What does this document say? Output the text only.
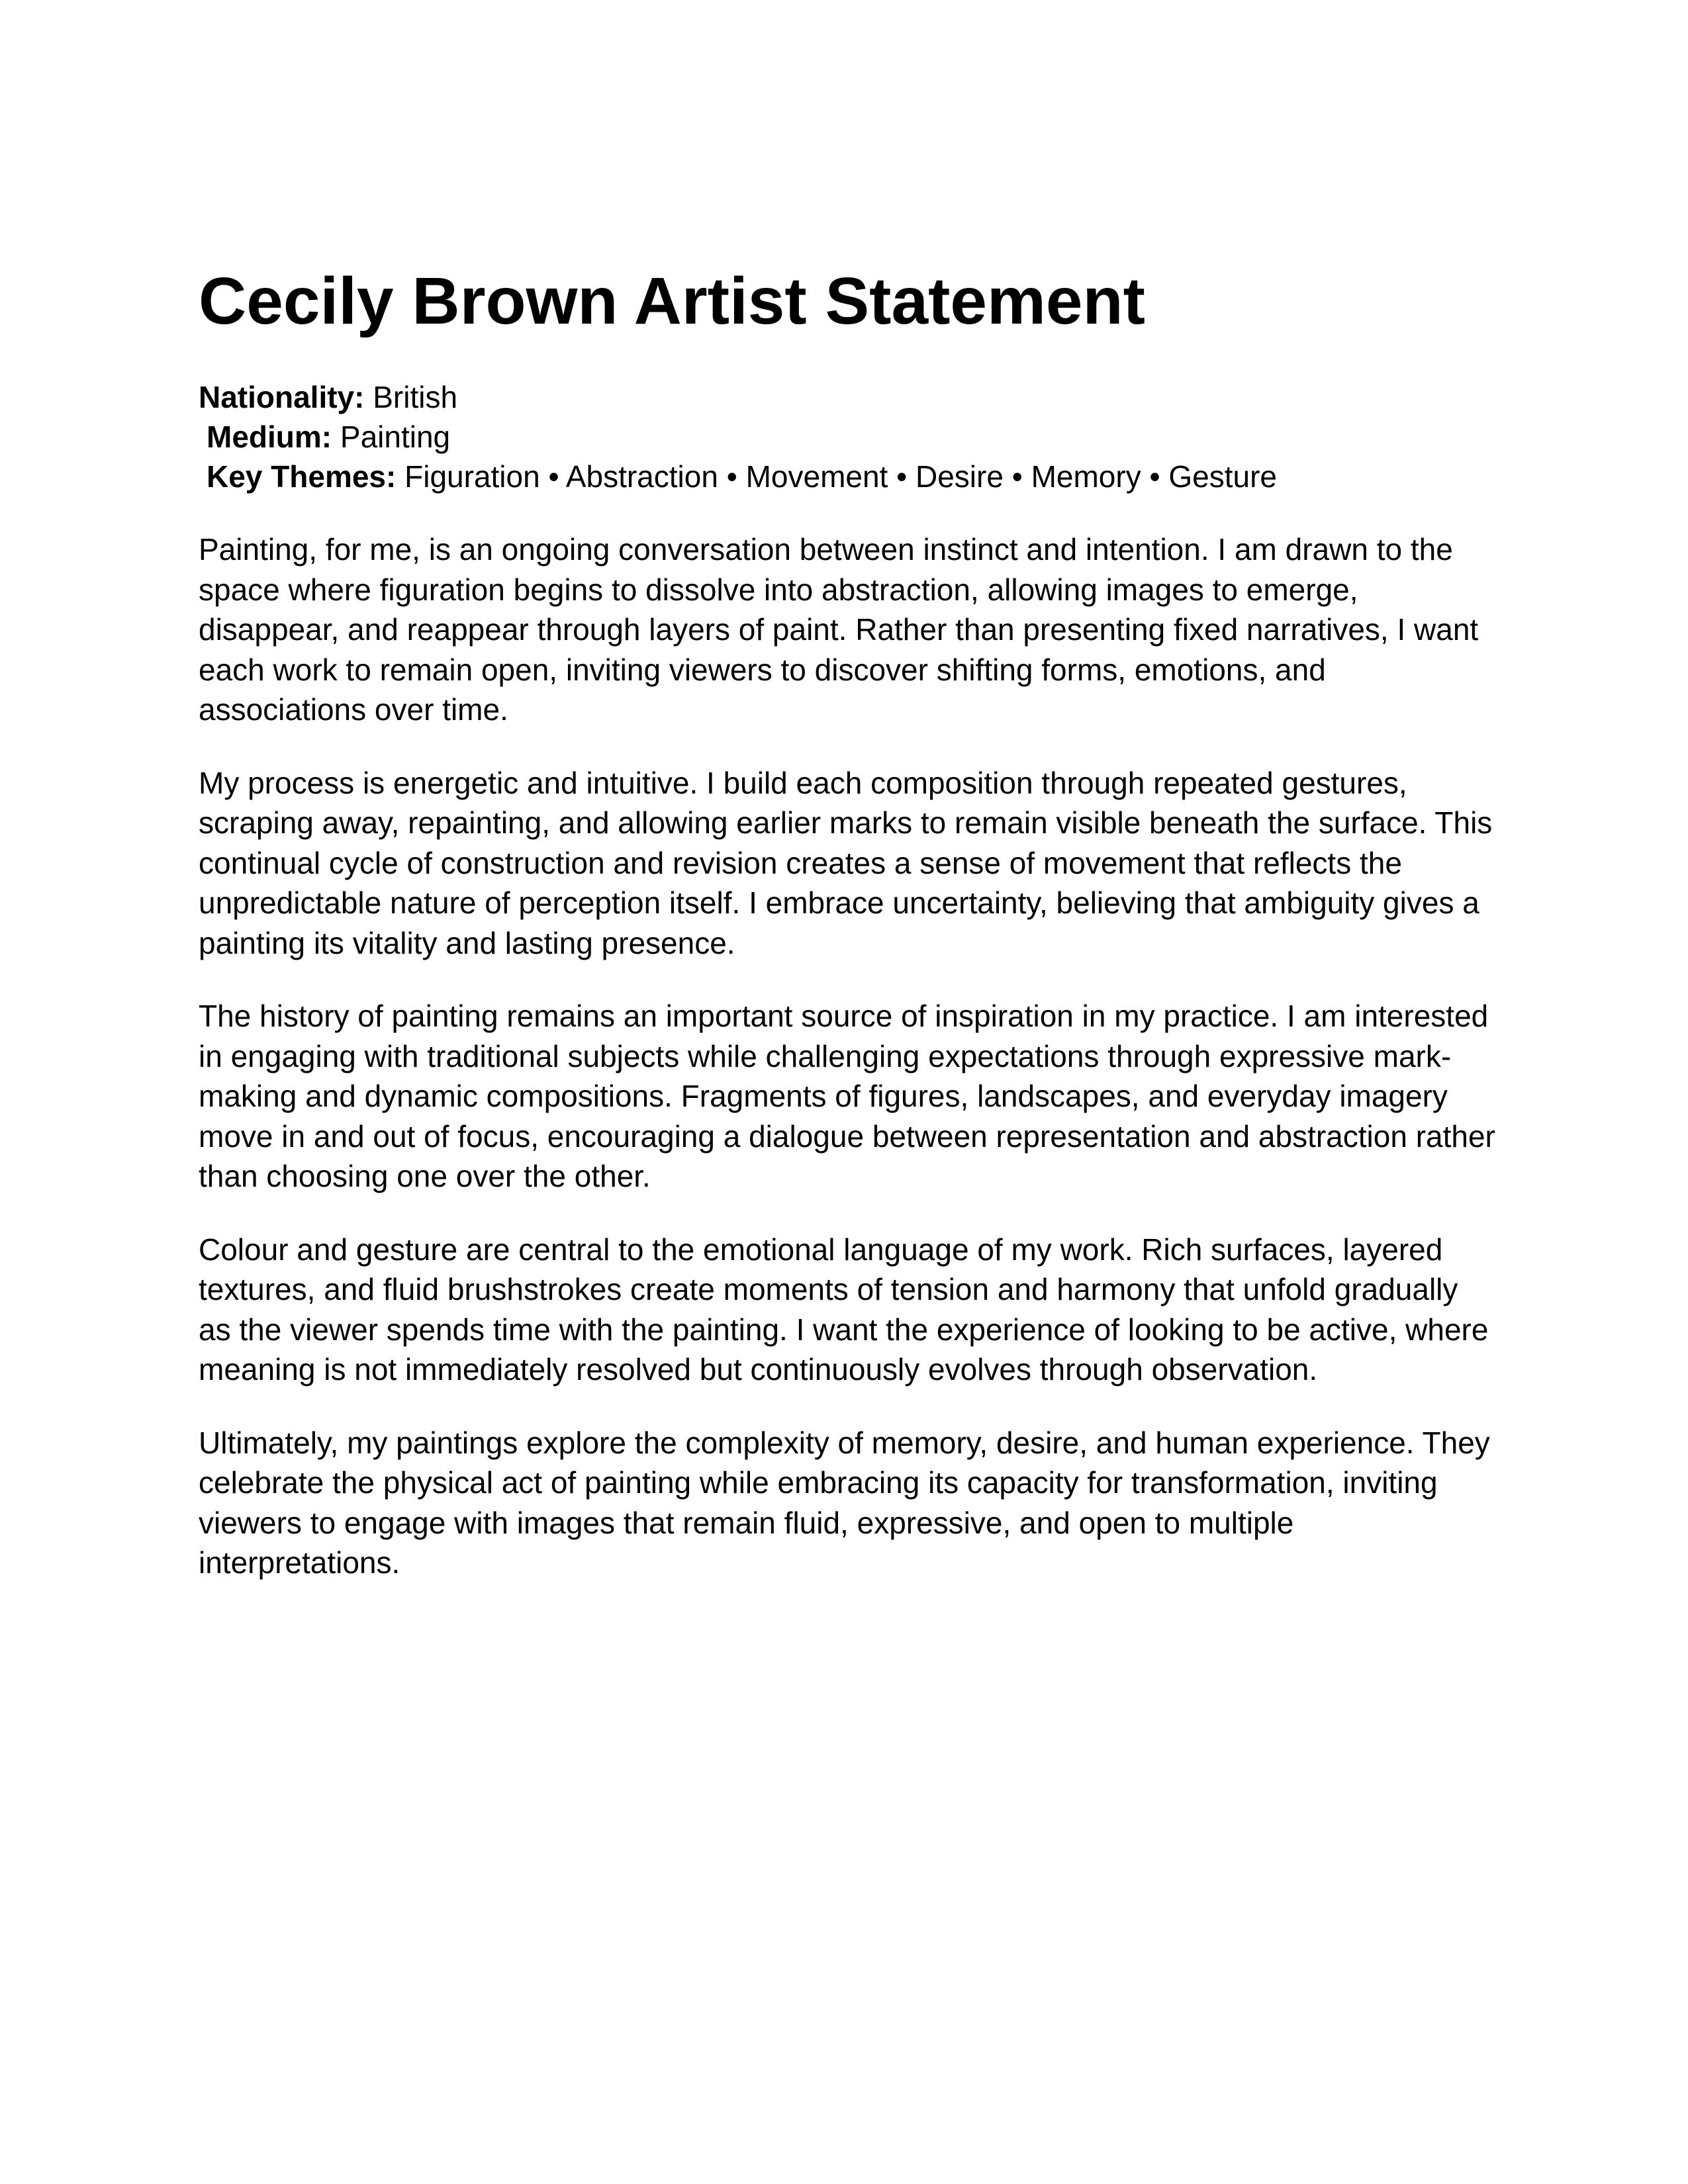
Cecily Brown Artist Statement
Nationality: British
Medium: Painting
Key Themes: Figuration • Abstraction • Movement • Desire • Memory • Gesture

Painting, for me, is an ongoing conversation between instinct and intention. I am drawn to the space where figuration begins to dissolve into abstraction, allowing images to emerge, disappear, and reappear through layers of paint. Rather than presenting fixed narratives, I want each work to remain open, inviting viewers to discover shifting forms, emotions, and associations over time.

My process is energetic and intuitive. I build each composition through repeated gestures, scraping away, repainting, and allowing earlier marks to remain visible beneath the surface. This continual cycle of construction and revision creates a sense of movement that reflects the unpredictable nature of perception itself. I embrace uncertainty, believing that ambiguity gives a painting its vitality and lasting presence.

The history of painting remains an important source of inspiration in my practice. I am interested in engaging with traditional subjects while challenging expectations through expressive mark-making and dynamic compositions. Fragments of figures, landscapes, and everyday imagery move in and out of focus, encouraging a dialogue between representation and abstraction rather than choosing one over the other.

Colour and gesture are central to the emotional language of my work. Rich surfaces, layered textures, and fluid brushstrokes create moments of tension and harmony that unfold gradually as the viewer spends time with the painting. I want the experience of looking to be active, where meaning is not immediately resolved but continuously evolves through observation.

Ultimately, my paintings explore the complexity of memory, desire, and human experience. They celebrate the physical act of painting while embracing its capacity for transformation, inviting viewers to engage with images that remain fluid, expressive, and open to multiple interpretations.
